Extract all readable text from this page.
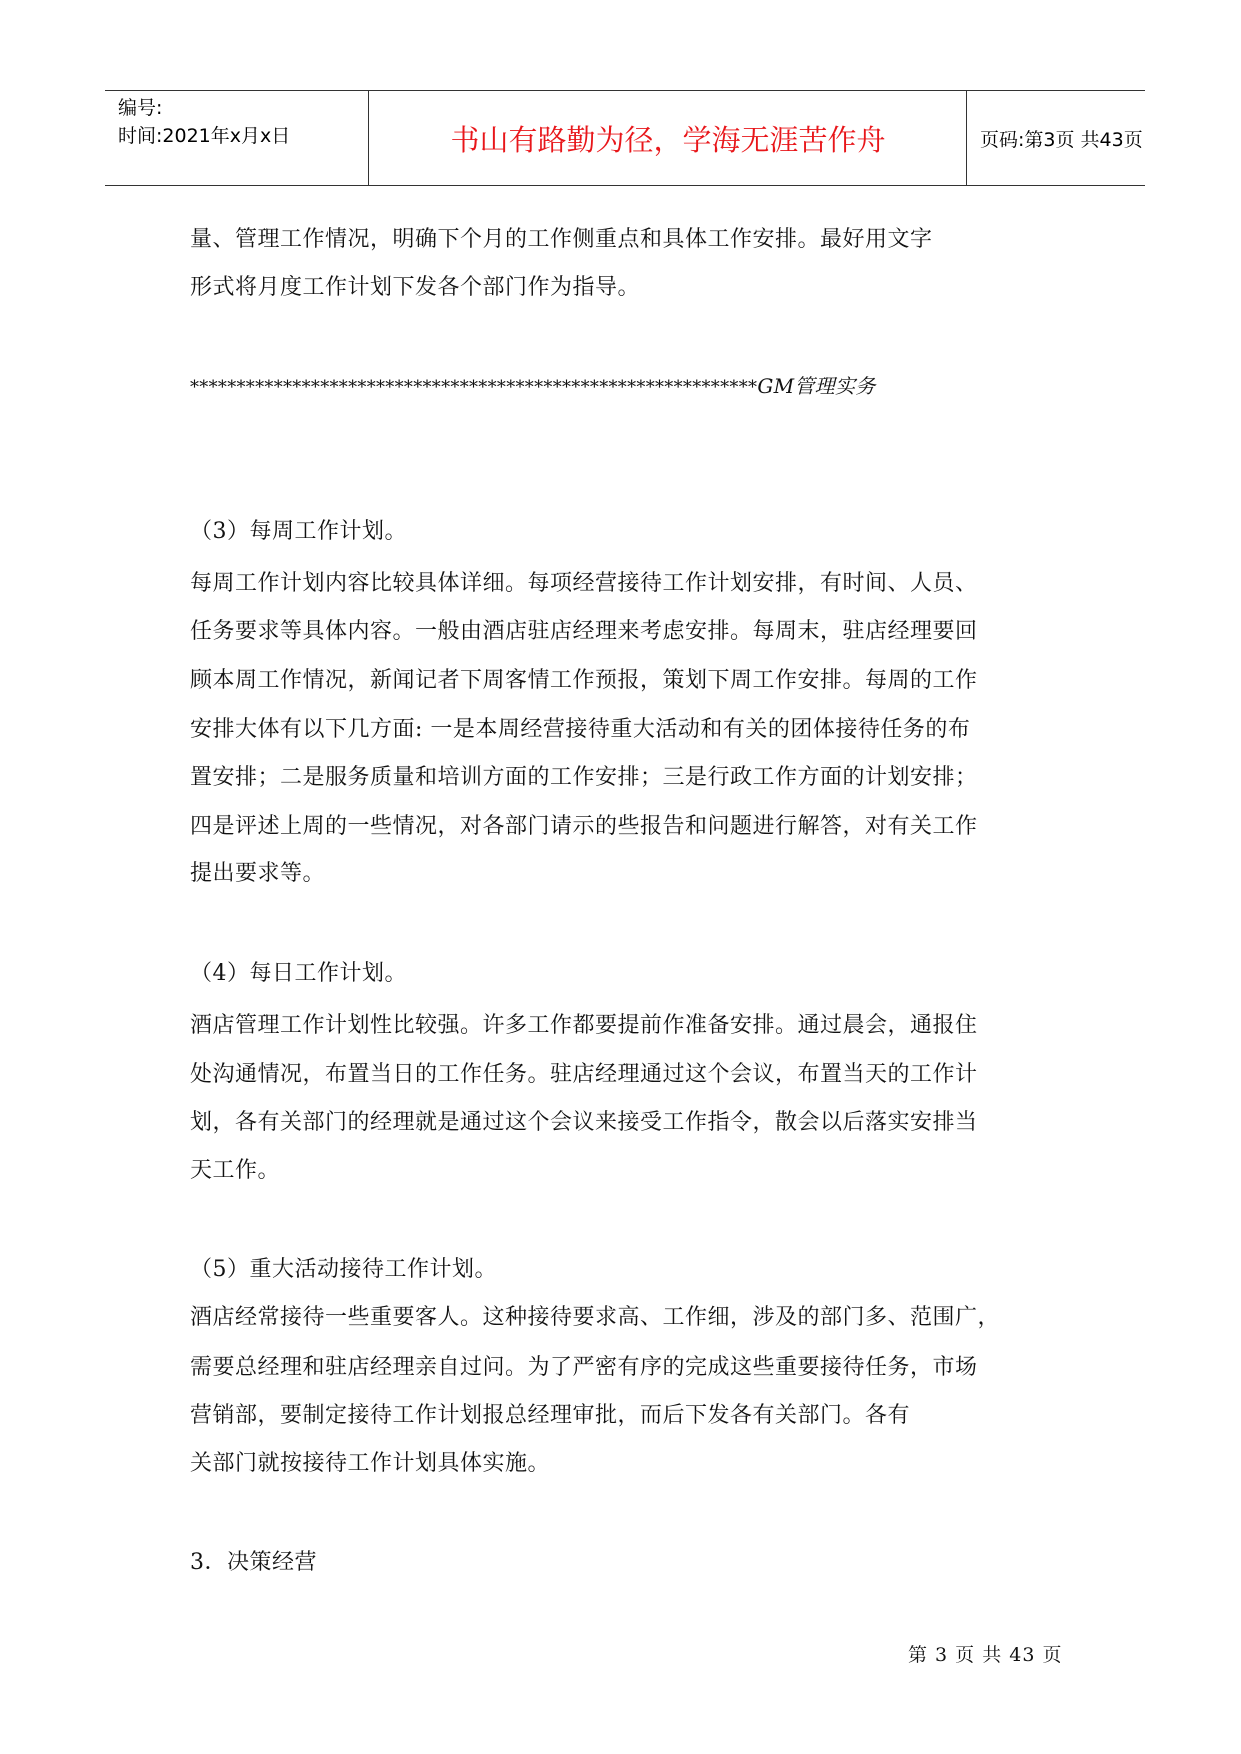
编号:
时间:2021年x月x日	书山有路勤为径，学海无涯苦作舟	页码:第3页 共43页
量、管理工作情况，明确下个月的工作侧重点和具体工作安排。最好用文字
形式将月度工作计划下发各个部门作为指导。
*************************************************************GM管理实务
（3）每周工作计划。
每周工作计划内容比较具体详细。每项经营接待工作计划安排，有时间、人员、
任务要求等具体内容。一般由酒店驻店经理来考虑安排。每周末，驻店经理要回
顾本周工作情况，新闻记者下周客情工作预报，策划下周工作安排。每周的工作
安排大体有以下几方面: 一是本周经营接待重大活动和有关的团体接待任务的布
置安排；二是服务质量和培训方面的工作安排；三是行政工作方面的计划安排；
四是评述上周的一些情况，对各部门请示的些报告和问题进行解答，对有关工作
提出要求等。
（4）每日工作计划。
酒店管理工作计划性比较强。许多工作都要提前作准备安排。通过晨会，通报住
处沟通情况，布置当日的工作任务。驻店经理通过这个会议，布置当天的工作计
划，各有关部门的经理就是通过这个会议来接受工作指令，散会以后落实安排当
天工作。
（5）重大活动接待工作计划。
酒店经常接待一些重要客人。这种接待要求高、工作细，涉及的部门多、范围广，
需要总经理和驻店经理亲自过问。为了严密有序的完成这些重要接待任务，市场
营销部，要制定接待工作计划报总经理审批，而后下发各有关部门。各有
关部门就按接待工作计划具体实施。
3．决策经营
第 3 页 共 43 页
